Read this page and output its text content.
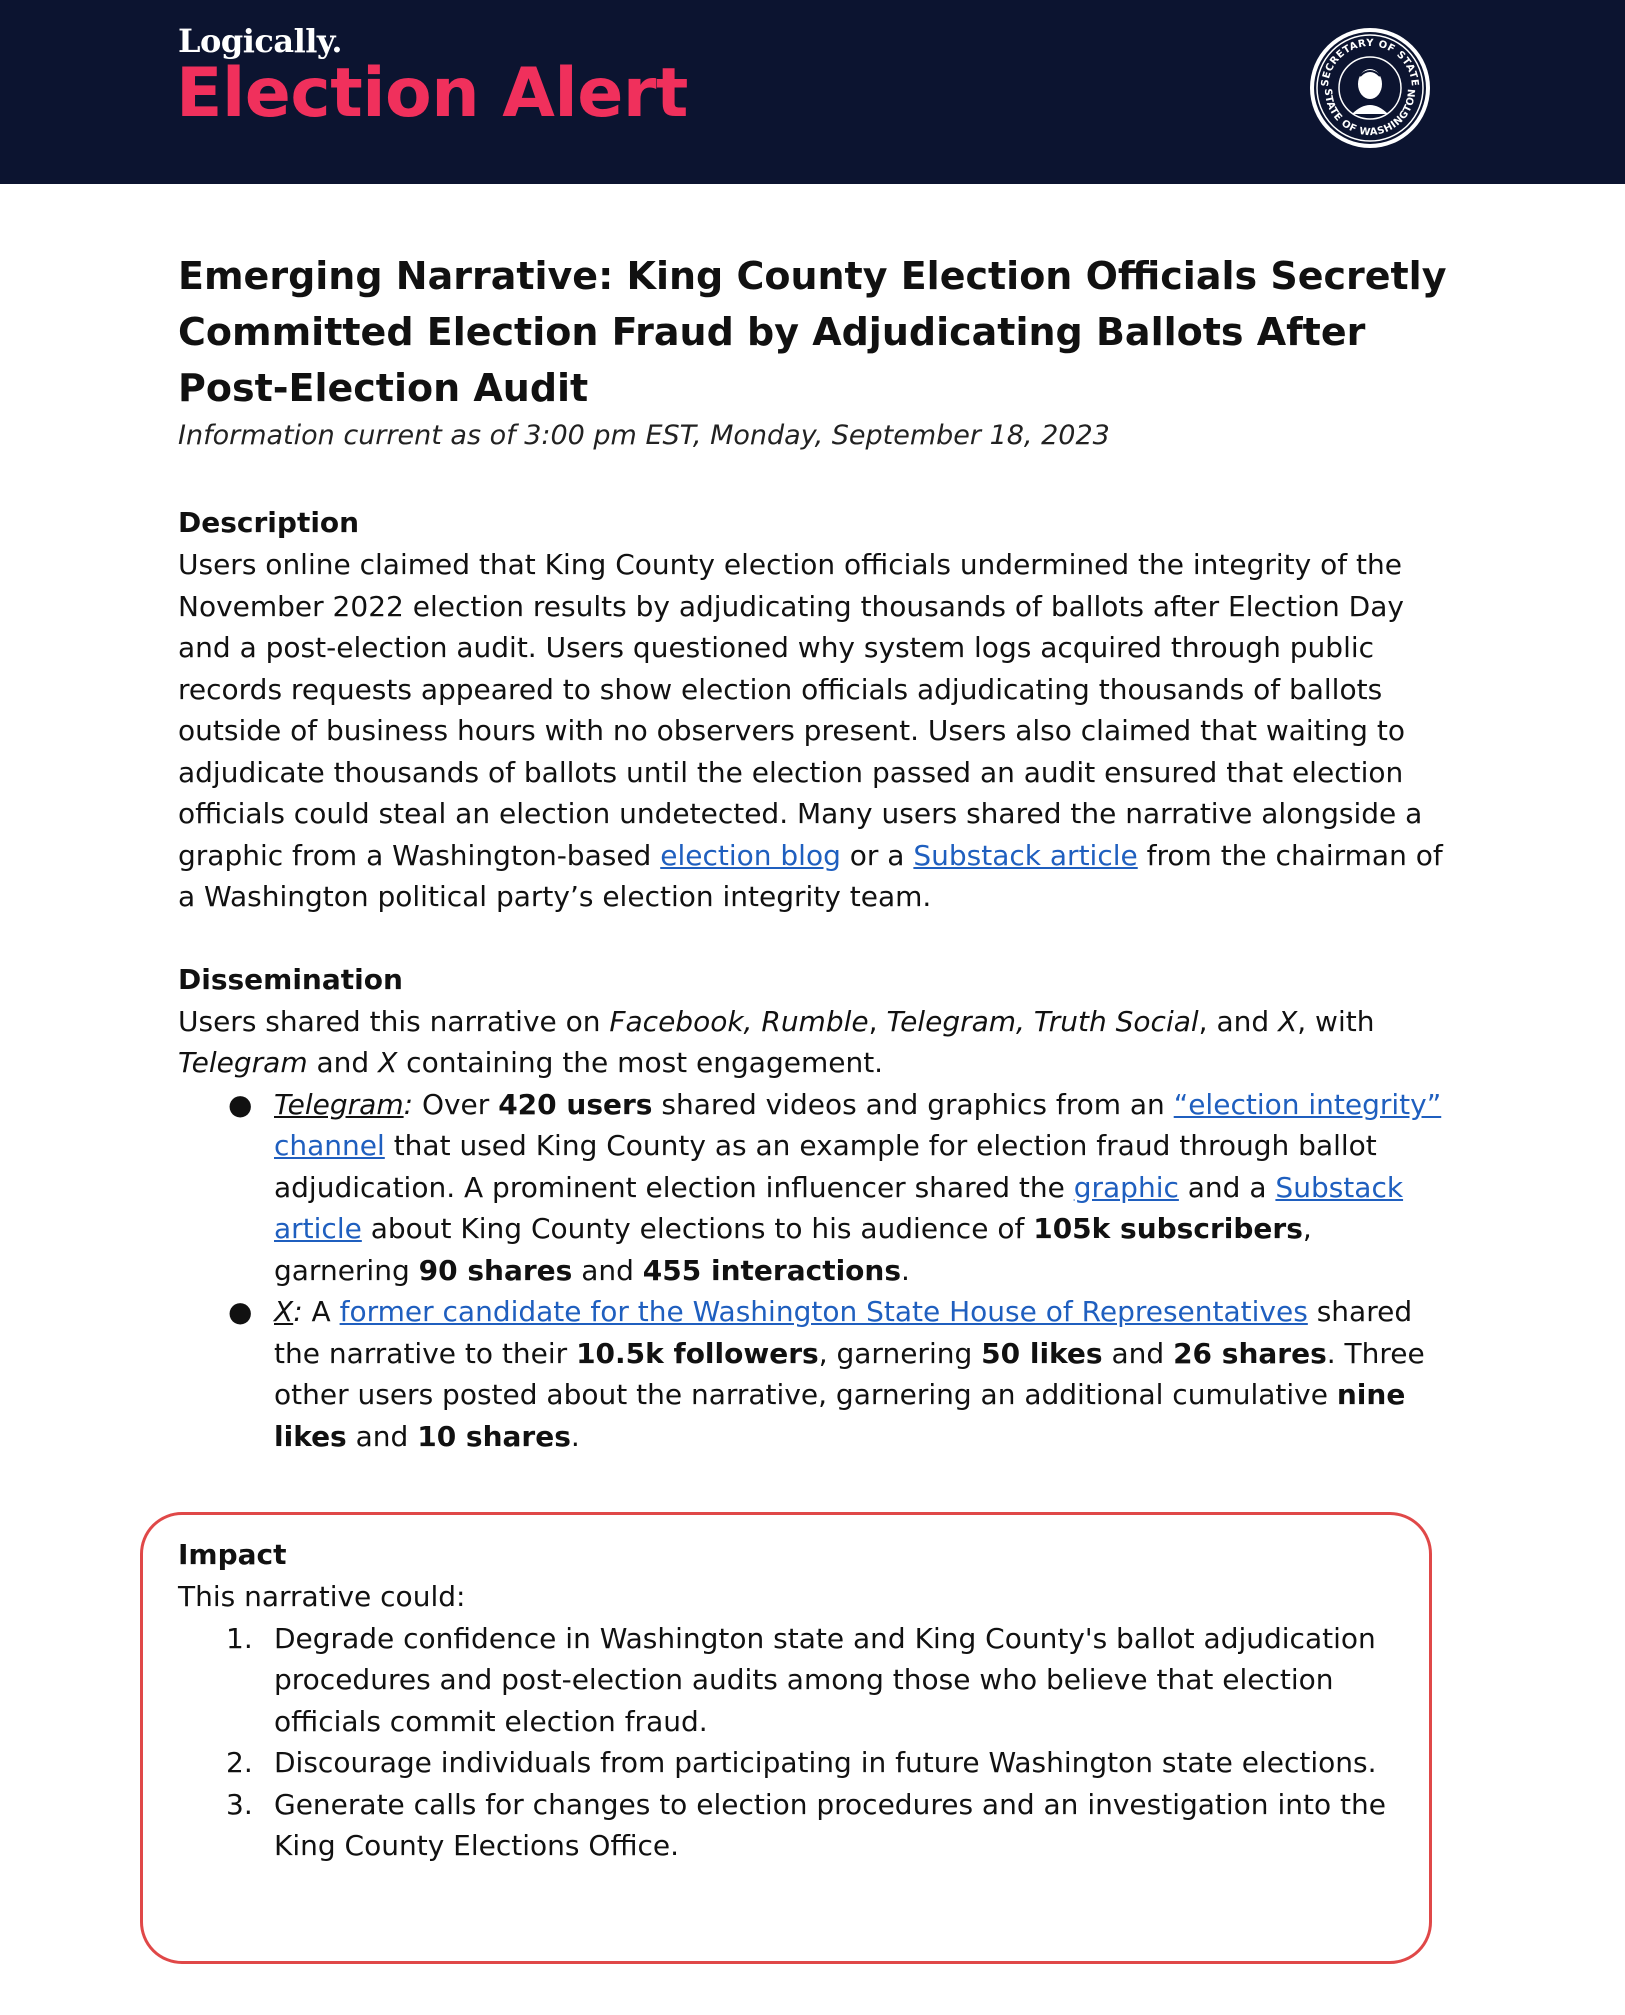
Logically.
Election Alert	SECRETARY OF STATE
STATE OF WASHINGTON
Emerging Narrative: King County Election Officials Secretly Committed Election Fraud by Adjudicating Ballots After Post-Election Audit

Information current as of 3:00 pm EST, Monday, September 18, 2023

Description

Users online claimed that King County election officials undermined the integrity of the November 2022 election results by adjudicating thousands of ballots after Election Day and a post-election audit. Users questioned why system logs acquired through public records requests appeared to show election officials adjudicating thousands of ballots outside of business hours with no observers present. Users also claimed that waiting to adjudicate thousands of ballots until the election passed an audit ensured that election officials could steal an election undetected. Many users shared the narrative alongside a graphic from a Washington-based election blog or a Substack article from the chairman of a Washington political party’s election integrity team.

Dissemination

Users shared this narrative on Facebook, Rumble, Telegram, Truth Social, and X, with Telegram and X containing the most engagement.

● Telegram: Over 420 users shared videos and graphics from an “election integrity” channel that used King County as an example for election fraud through ballot adjudication. A prominent election influencer shared the graphic and a Substack article about King County elections to his audience of 105k subscribers, garnering 90 shares and 455 interactions.
● X: A former candidate for the Washington State House of Representatives shared the narrative to their 10.5k followers, garnering 50 likes and 26 shares. Three other users posted about the narrative, garnering an additional cumulative nine likes and 10 shares.

Impact

This narrative could:

1. Degrade confidence in Washington state and King County's ballot adjudication procedures and post-election audits among those who believe that election officials commit election fraud.
2. Discourage individuals from participating in future Washington state elections.
3. Generate calls for changes to election procedures and an investigation into the King County Elections Office.
